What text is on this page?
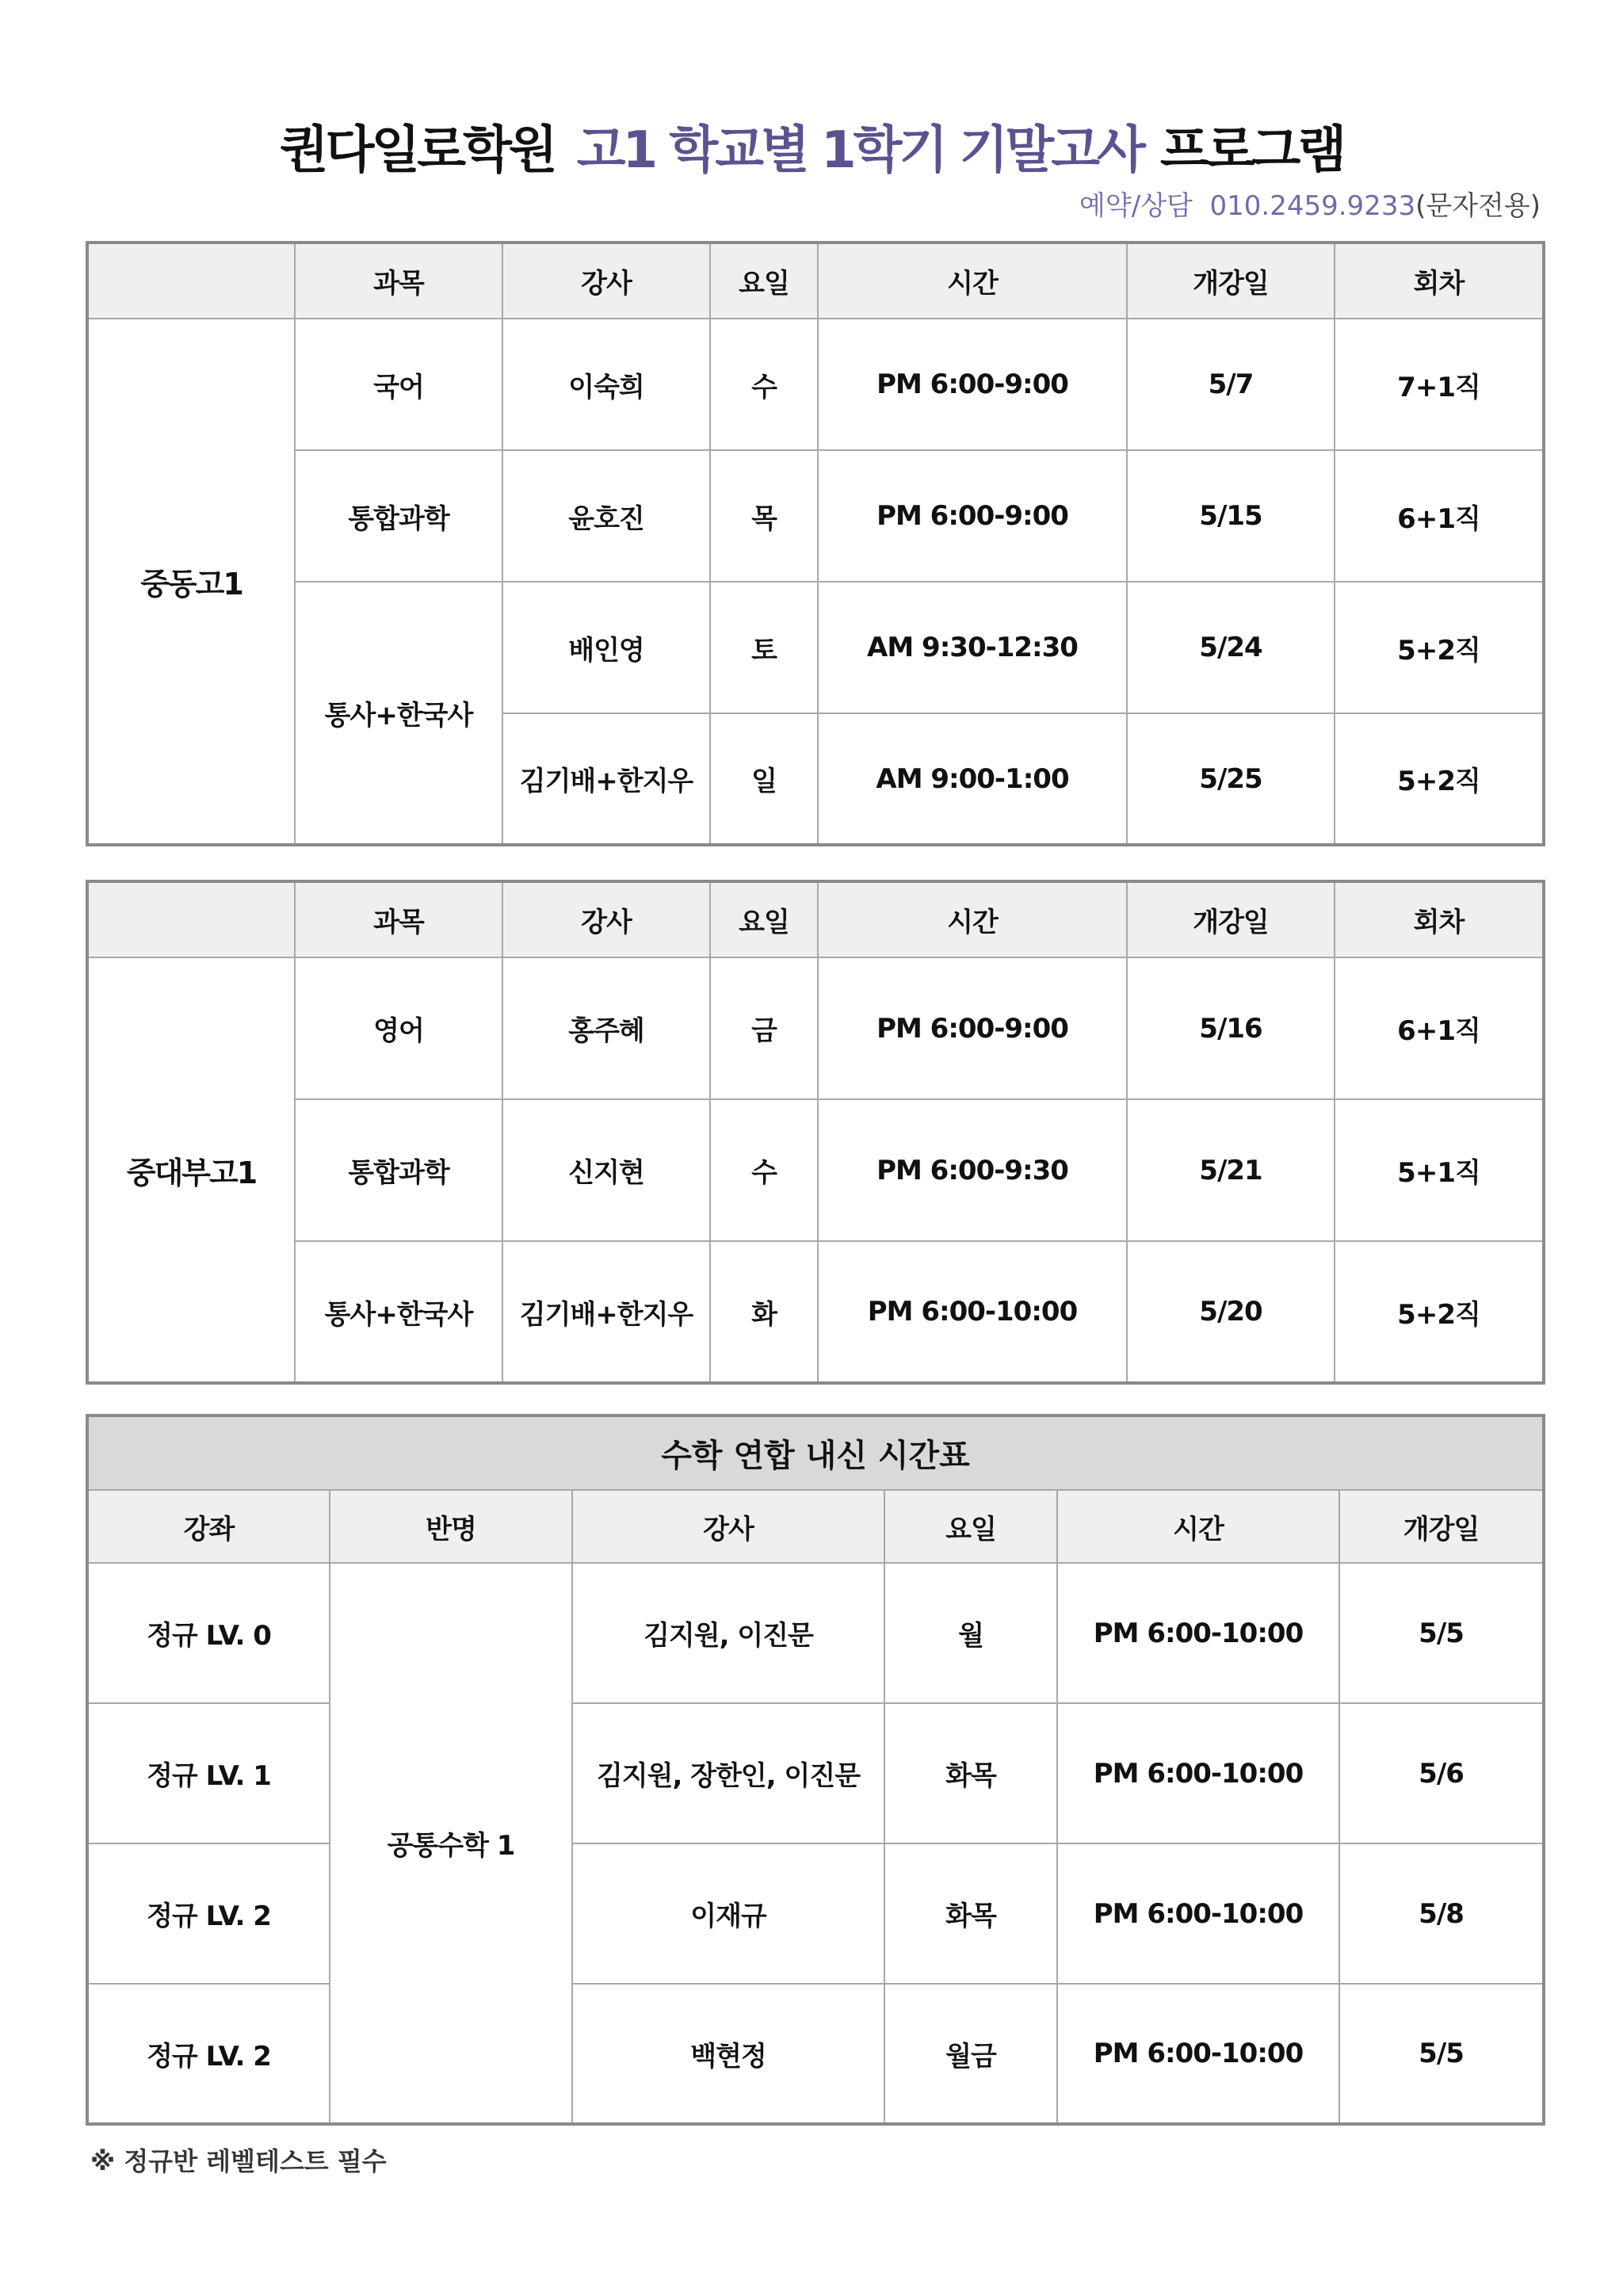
퀀다일로학원 고1 학교별 1학기 기말고사 프로그램
예약/상담 010.2459.9233(문자전용)
	과목	강사	요일	시간	개강일	회차
중동고1	국어	이숙희	수	PM 6:00-9:00	5/7	7+1직
	통합과학	윤호진	목	PM 6:00-9:00	5/15	6+1직
	통사+한국사	배인영	토	AM 9:30-12:30	5/24	5+2직
		김기배+한지우	일	AM 9:00-1:00	5/25	5+2직
	과목	강사	요일	시간	개강일	회차
중대부고1	영어	홍주혜	금	PM 6:00-9:00	5/16	6+1직
	통합과학	신지현	수	PM 6:00-9:30	5/21	5+1직
	통사+한국사	김기배+한지우	화	PM 6:00-10:00	5/20	5+2직
수학 연합 내신 시간표					
강좌	반명	강사	요일	시간	개강일
정규 LV. 0	공통수학 1	김지원, 이진문	월	PM 6:00-10:00	5/5
정규 LV. 1		김지원, 장한인, 이진문	화목	PM 6:00-10:00	5/6
정규 LV. 2		이재규	화목	PM 6:00-10:00	5/8
정규 LV. 2		백현정	월금	PM 6:00-10:00	5/5
※ 정규반 레벨테스트 필수
